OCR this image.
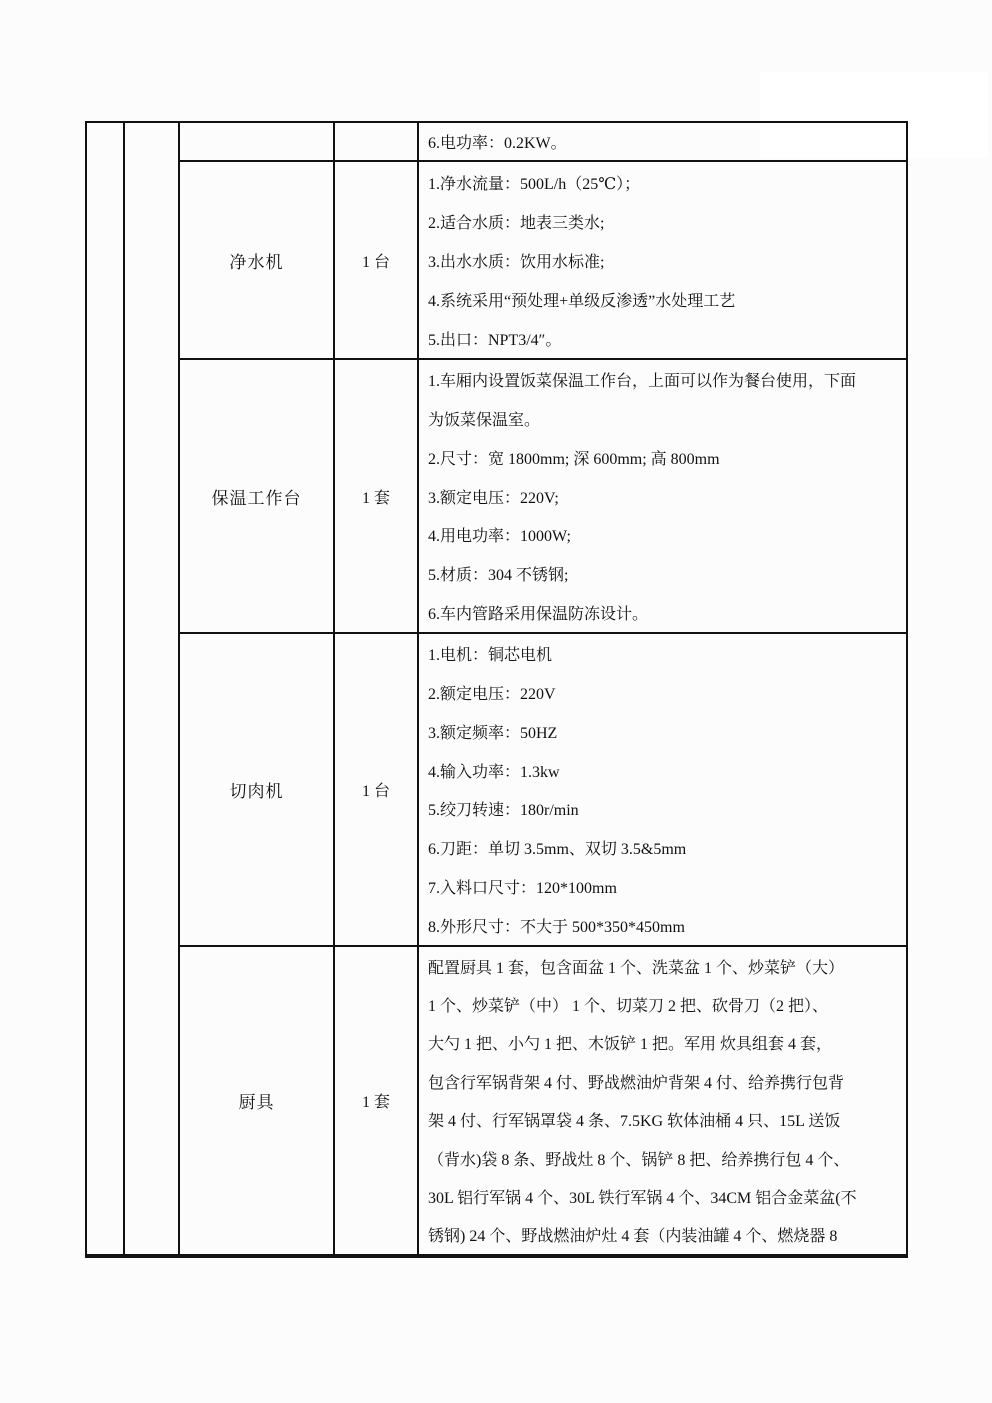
6.电功率：0.2KW。
净水机	1 台
1.净水流量：500L/h（25℃）；
2.适合水质：地表三类水;
3.出水水质：饮用水标准;
4.系统采用“预处理+单级反渗透”水处理工艺
5.出口：NPT3/4″。
保温工作台	1 套
1.车厢内设置饭菜保温工作台，上面可以作为餐台使用，下面
为饭菜保温室。
2.尺寸：宽 1800mm; 深 600mm; 高 800mm
3.额定电压：220V;
4.用电功率：1000W;
5.材质：304 不锈钢;
6.车内管路采用保温防冻设计。
切肉机	1 台
1.电机：铜芯电机
2.额定电压：220V
3.额定频率：50HZ
4.输入功率：1.3kw
5.绞刀转速：180r/min
6.刀距：单切 3.5mm、双切 3.5&5mm
7.入料口尺寸：120*100mm
8.外形尺寸：不大于 500*350*450mm
厨具	1 套
配置厨具 1 套，包含面盆 1 个、洗菜盆 1 个、炒菜铲（大）
1 个、炒菜铲（中） 1 个、切菜刀 2 把、砍骨刀（2 把）、
大勺 1 把、小勺 1 把、木饭铲 1 把。军用 炊具组套 4 套，
包含行军锅背架 4 付、野战燃油炉背架 4 付、给养携行包背
架 4 付、行军锅罩袋 4 条、7.5KG 软体油桶 4 只、15L 送饭
（背水)袋 8 条、野战灶 8 个、锅铲 8 把、给养携行包 4 个、
30L 铝行军锅 4 个、30L 铁行军锅 4 个、34CM 铝合金菜盆(不
锈钢) 24 个、野战燃油炉灶 4 套（内装油罐 4 个、燃烧器 8
